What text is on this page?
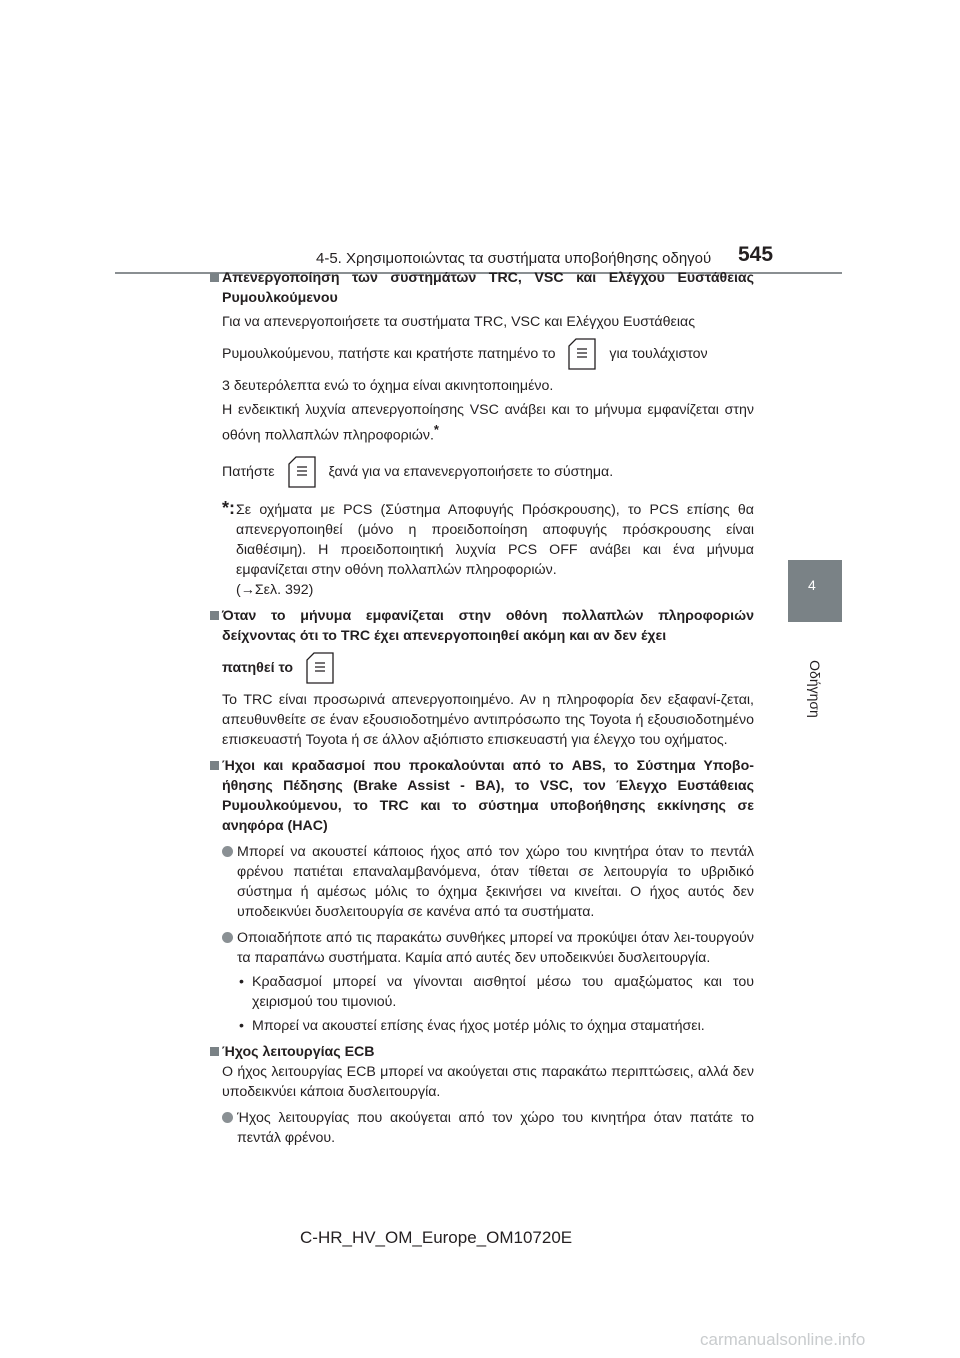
4-5. Χρησιμοποιώντας τα συστήματα υποβοήθησης οδηγού 545
4
Οδήγηση
Απενεργοποίηση των συστημάτων TRC, VSC και Ελέγχου Ευστάθειας Ρυμουλκούμενου
Για να απενεργοποιήσετε τα συστήματα TRC, VSC και Ελέγχου Ευστάθειας
Ρυμουλκούμενου, πατήστε και κρατήστε πατημένο το	για τουλάχιστον
3 δευτερόλεπτα ενώ το όχημα είναι ακινητοποιημένο.
Η ενδεικτική λυχνία απενεργοποίησης VSC ανάβει και το μήνυμα εμφανίζεται στην οθόνη πολλαπλών πληροφοριών.*
Πατήστε	ξανά για να επανενεργοποιήσετε το σύστημα.
*: Σε οχήματα με PCS (Σύστημα Αποφυγής Πρόσκρουσης), το PCS επίσης θα απενεργοποιηθεί (μόνο η προειδοποίηση αποφυγής πρόσκρουσης είναι διαθέσιμη). Η προειδοποιητική λυχνία PCS OFF ανάβει και ένα μήνυμα εμφανίζεται στην οθόνη πολλαπλών πληροφοριών.
(→Σελ. 392)
Όταν το μήνυμα εμφανίζεται στην οθόνη πολλαπλών πληροφοριών δείχνοντας ότι το TRC έχει απενεργοποιηθεί ακόμη και αν δεν έχει
πατηθεί το
Το TRC είναι προσωρινά απενεργοποιημένο. Αν η πληροφορία δεν εξαφανί-ζεται, απευθυνθείτε σε έναν εξουσιοδοτημένο αντιπρόσωπο της Toyota ή εξουσιοδοτημένο επισκευαστή Toyota ή σε άλλον αξιόπιστο επισκευαστή για έλεγχο του οχήματος.
Ήχοι και κραδασμοί που προκαλούνται από το ABS, το Σύστημα Υποβο-ήθησης Πέδησης (Brake Assist - BA), το VSC, τον Έλεγχο Ευστάθειας Ρυμουλκούμενου, το TRC και το σύστημα υποβοήθησης εκκίνησης σε ανηφόρα (HAC)
Μπορεί να ακουστεί κάποιος ήχος από τον χώρο του κινητήρα όταν το πεντάλ φρένου πατιέται επαναλαμβανόμενα, όταν τίθεται σε λειτουργία το υβριδικό σύστημα ή αμέσως μόλις το όχημα ξεκινήσει να κινείται. Ο ήχος αυτός δεν υποδεικνύει δυσλειτουργία σε κανένα από τα συστήματα.
Οποιαδήποτε από τις παρακάτω συνθήκες μπορεί να προκύψει όταν λει-τουργούν τα παραπάνω συστήματα. Καμία από αυτές δεν υποδεικνύει δυσλειτουργία.
• Κραδασμοί μπορεί να γίνονται αισθητοί μέσω του αμαξώματος και του χειρισμού του τιμονιού.
• Μπορεί να ακουστεί επίσης ένας ήχος μοτέρ μόλις το όχημα σταματήσει.
Ήχος λειτουργίας ECB
Ο ήχος λειτουργίας ECB μπορεί να ακούγεται στις παρακάτω περιπτώσεις, αλλά δεν υποδεικνύει κάποια δυσλειτουργία.
Ήχος λειτουργίας που ακούγεται από τον χώρο του κινητήρα όταν πατάτε το πεντάλ φρένου.
C-HR_HV_OM_Europe_OM10720E
carmanualsonline.info
